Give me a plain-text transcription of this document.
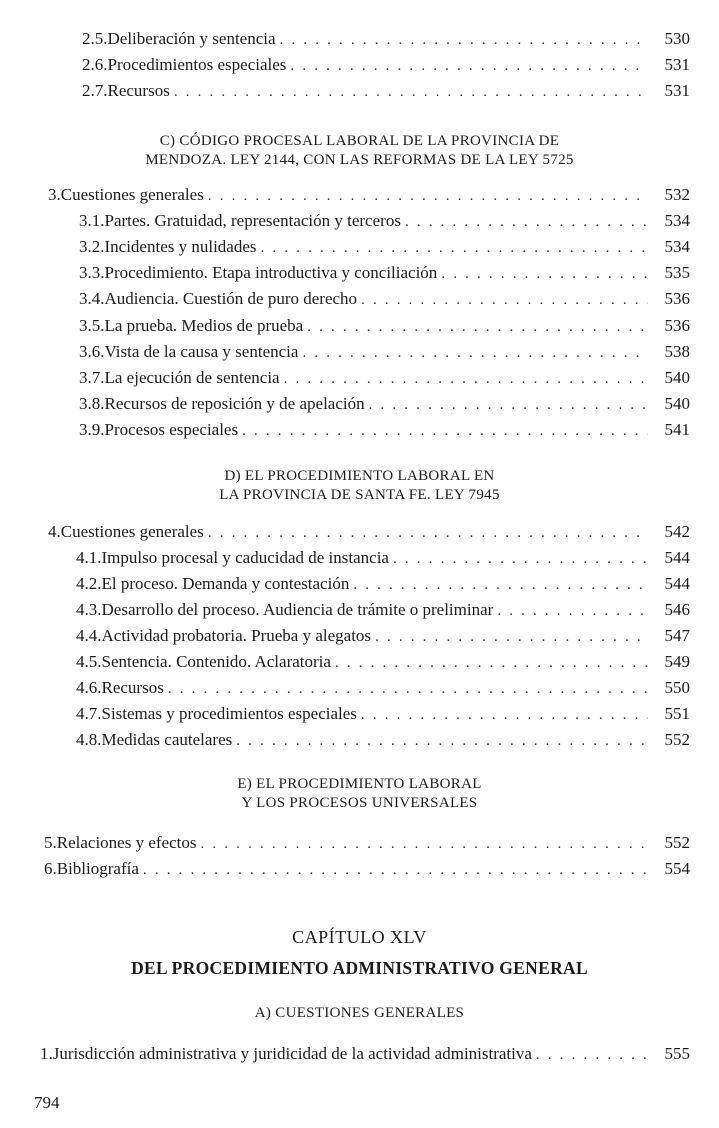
2.5. Deliberación y sentencia . . .	530
2.6. Procedimientos especiales . . .	531
2.7. Recursos . . .	531
C) CÓDIGO PROCESAL LABORAL DE LA PROVINCIA DE
MENDOZA. LEY 2144, CON LAS REFORMAS DE LA LEY 5725
3. Cuestiones generales . . .	532
3.1. Partes. Gratuidad, representación y terceros . . .	534
3.2. Incidentes y nulidades . . .	534
3.3. Procedimiento. Etapa introductiva y conciliación . . .	535
3.4. Audiencia. Cuestión de puro derecho . . .	536
3.5. La prueba. Medios de prueba . . .	536
3.6. Vista de la causa y sentencia . . .	538
3.7. La ejecución de sentencia . . .	540
3.8. Recursos de reposición y de apelación . . .	540
3.9. Procesos especiales . . .	541
D) EL PROCEDIMIENTO LABORAL EN
LA PROVINCIA DE SANTA FE. LEY 7945
4. Cuestiones generales . . .	542
4.1. Impulso procesal y caducidad de instancia . . .	544
4.2. El proceso. Demanda y contestación . . .	544
4.3. Desarrollo del proceso. Audiencia de trámite o preliminar . . .	546
4.4. Actividad probatoria. Prueba y alegatos . . .	547
4.5. Sentencia. Contenido. Aclaratoria . . .	549
4.6. Recursos . . .	550
4.7. Sistemas y procedimientos especiales . . .	551
4.8. Medidas cautelares . . .	552
E) EL PROCEDIMIENTO LABORAL
Y LOS PROCESOS UNIVERSALES
5. Relaciones y efectos . . .	552
6. Bibliografía . . .	554
CAPÍTULO XLV
DEL PROCEDIMIENTO ADMINISTRATIVO GENERAL
A) CUESTIONES GENERALES
1. Jurisdicción administrativa y juridicidad de la actividad administrativa . . .	555
794
